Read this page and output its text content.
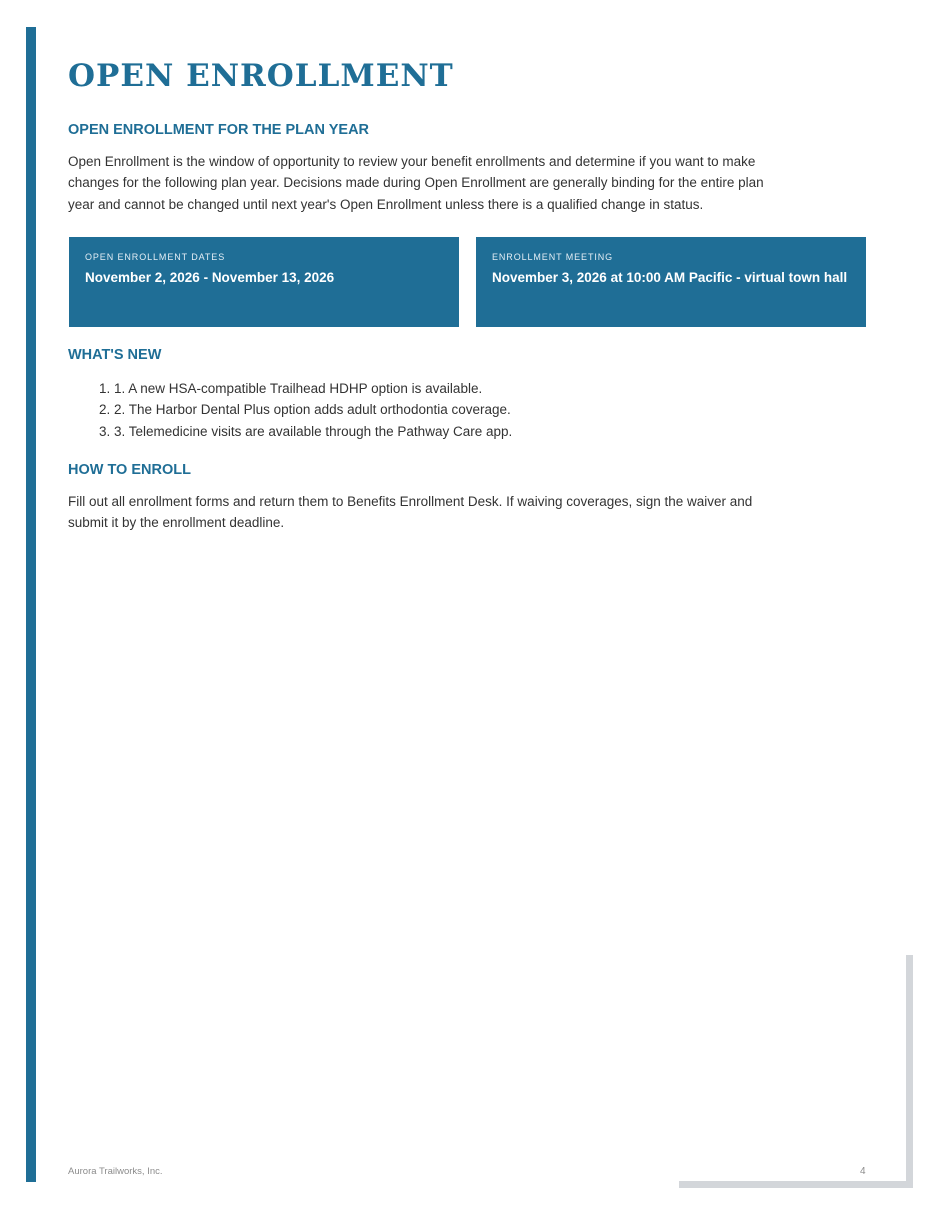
OPEN ENROLLMENT
OPEN ENROLLMENT FOR THE PLAN YEAR

Open Enrollment is the window of opportunity to review your benefit enrollments and determine if you want to make changes for the following plan year. Decisions made during Open Enrollment are generally binding for the entire plan year and cannot be changed until next year's Open Enrollment unless there is a qualified change in status.

OPEN ENROLLMENT DATES
November 2, 2026 - November 13, 2026
ENROLLMENT MEETING
November 3, 2026 at 10:00 AM Pacific - virtual town hall
WHAT'S NEW
1. 1. A new HSA-compatible Trailhead HDHP option is available.
2. 2. The Harbor Dental Plus option adds adult orthodontia coverage.
3. 3. Telemedicine visits are available through the Pathway Care app.
HOW TO ENROLL

Fill out all enrollment forms and return them to Benefits Enrollment Desk. If waiving coverages, sign the waiver and submit it by the enrollment deadline.

Aurora Trailworks, Inc.	4
